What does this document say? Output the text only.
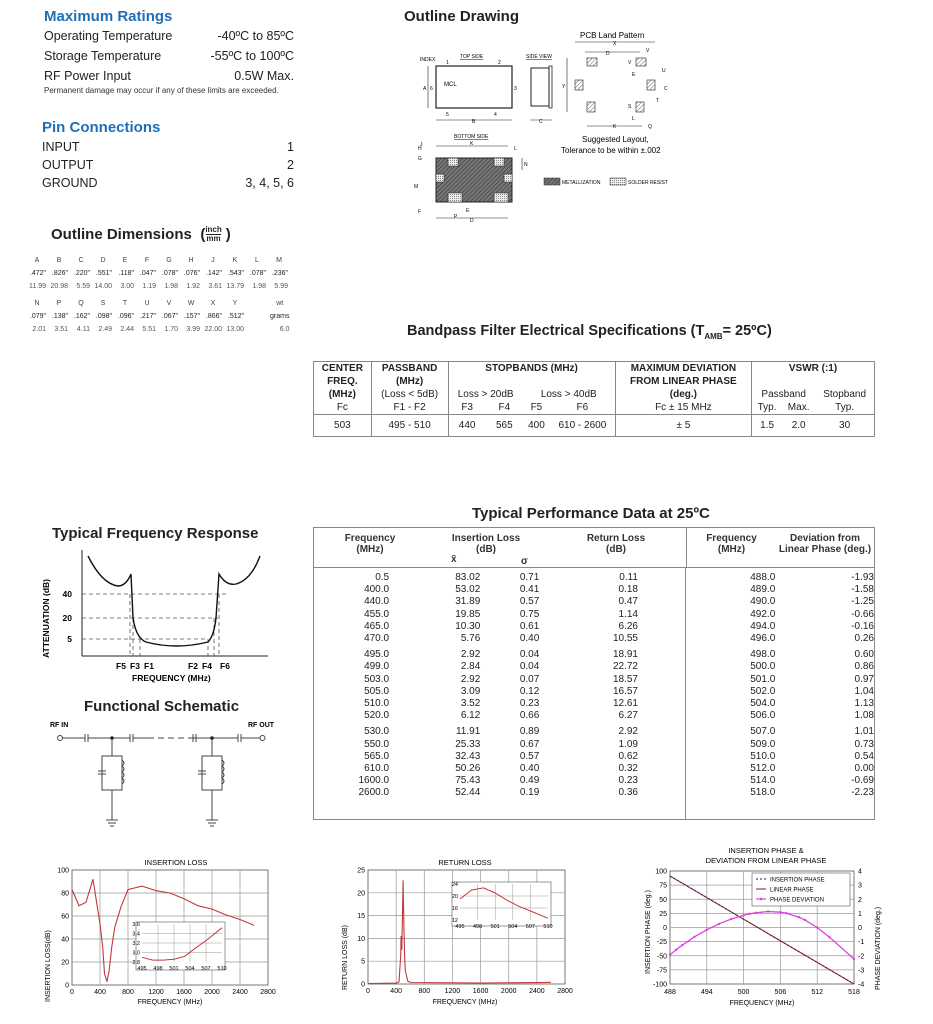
Maximum Ratings
Operating Temperature	-40ºC to 85ºC
Storage Temperature	-55ºC to 100ºC
RF Power Input	0.5W Max.
Permanent damage may occur if any of these limits are exceeded.
Pin Connections
INPUT	1
OUTPUT	2
GROUND	3, 4, 5, 6
Outline Dimensions (inch
mm )
A	B	C	D	E	F	G	H	J	K	L	M
.472"	.826"	.220"	.551"	.118"	.047"	.078"	.076"	.142"	.543"	.078"	.236"
11.99	20.98	5.59	14.00	3.00	1.19	1.98	1.92	3.61	13.79	1.98	5.99
N	P	Q	S	T	U	V	W	X	Y		wt
.079"	.138"	.162"	.098"	.096"	.217"	.067"	.157"	.866"	.512"		grams
2.01	3.51	4.11	2.49	2.44	5.51	1.70	3.99	22.00	13.00		6.0
Outline Drawing
TOP SIDE
INDEX
MCL
1	2
3
4
5
6
A
B
SIDE VIEW
C
BOTTOM SIDE
K
D
N
G
M
F
J
H	L
P
E
METALLIZATION	SOLDER RESIST
PCB Land Pattern
X
D
Y
K
U
C
T
S
L
Q
V
E
V
Suggested Layout,
Tolerance to be within ±.002
Bandpass Filter Electrical Specifications ($T_{AMB}=$ 25ºC)
CENTER	PASSBAND	STOPBANDS (MHz)				MAXIMUM DEVIATION	VSWR (:1)		
FREQ.	(MHz)					FROM LINEAR PHASE			
(MHz)	(Loss < 5dB)	Loss > 20dB		Loss > 40dB		(deg.)	Passband		Stopband
Fc	F1 - F2	F3	F4	F5	F6	Fc ± 15 MHz	Typ.	Max.	Typ.
503	495 - 510	440	565	400	610 - 2600	± 5	1.5	2.0	30
Typical Frequency Response
40
20
5
ATTENUATION (dB)
F5 F3 F1	F2 F4 F6
FREQUENCY (MHz)
Functional Schematic
RF IN	RF OUT
Typical Performance Data at 25ºC
Frequency
(MHz)
Insertion Loss
(dB)
x̄	σ
Return Loss
(dB)
Frequency
(MHz)
Deviation from
Linear Phase (deg.)
0.5	83.02	0.71	0.11	488.0	-1.93
400.0	53.02	0.41	0.18	489.0	-1.58
440.0	31.89	0.57	0.47	490.0	-1.25
455.0	19.85	0.75	1.14	492.0	-0.66
465.0	10.30	0.61	6.26	494.0	-0.16
470.0	5.76	0.40	10.55	496.0	0.26
495.0	2.92	0.04	18.91	498.0	0.60
499.0	2.84	0.04	22.72	500.0	0.86
503.0	2.92	0.07	18.57	501.0	0.97
505.0	3.09	0.12	16.57	502.0	1.04
510.0	3.52	0.23	12.61	504.0	1.13
520.0	6.12	0.66	6.27	506.0	1.08
530.0	11.91	0.89	2.92	507.0	1.01
550.0	25.33	0.67	1.09	509.0	0.73
565.0	32.43	0.57	0.62	510.0	0.54
610.0	50.26	0.40	0.32	512.0	0.00
1600.0	75.43	0.49	0.23	514.0	-0.69
2600.0	52.44	0.19	0.36	518.0	-2.23
INSERTION LOSS
0	400 800 1200 1600 2000 2400 2800
0
20
40
60
80
100
495 498 501 504 507 510
2.8
3.0
3.2
3.4
3.6
INSERTION LOSS(dB)
FREQUENCY (MHz)
RETURN LOSS
0	400 800 1200 1600 2000 2400 2800
0
5
10
15
20
25
495 498 501 504 507 510
12
16
20
24
RETURN LOSS (dB)
FREQUENCY (MHz)
INSERTION PHASE &
DEVIATION FROM LINEAR PHASE
INSERTION PHASE
LINEAR PHASE
PHASE DEVIATION
488	494	500	506	512	518
-100
-75
-50
-25
0
25
50
75
100
-4
-3
-2
-1
0
1
2
3
4
INSERTION PHASE (deg.)	PHASE DEVIATION (deg.)
FREQUENCY (MHz)
